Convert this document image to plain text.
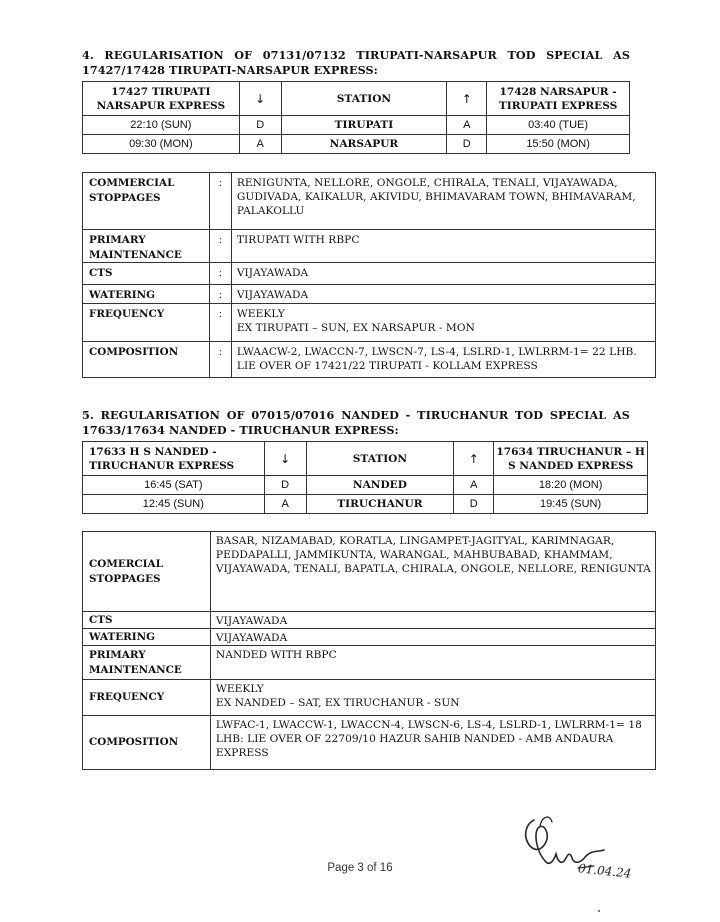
4. REGULARISATION OF 07131/07132 TIRUPATI-NARSAPUR TOD SPECIAL AS 17427/17428 TIRUPATI-NARSAPUR EXPRESS:
17427 TIRUPATI NARSAPUR EXPRESS	↓	STATION	↑	17428 NARSAPUR - TIRUPATI EXPRESS
22:10 (SUN)	D	TIRUPATI	A	03:40 (TUE)
09:30 (MON)	A	NARSAPUR	D	15:50 (MON)
COMMERCIAL STOPPAGES	:	RENIGUNTA, NELLORE, ONGOLE, CHIRALA, TENALI, VIJAYAWADA, GUDIVADA, KAIKALUR, AKIVIDU, BHIMAVARAM TOWN, BHIMAVARAM, PALAKOLLU
PRIMARY MAINTENANCE	:	TIRUPATI WITH RBPC
CTS	:	VIJAYAWADA
WATERING	:	VIJAYAWADA
FREQUENCY	:	WEEKLY
EX TIRUPATI – SUN, EX NARSAPUR - MON
COMPOSITION	:	LWAACW-2, LWACCN-7, LWSCN-7, LS-4, LSLRD-1, LWLRRM-1= 22 LHB. LIE OVER OF 17421/22 TIRUPATI - KOLLAM EXPRESS
5. REGULARISATION OF 07015/07016 NANDED - TIRUCHANUR TOD SPECIAL AS 17633/17634 NANDED - TIRUCHANUR EXPRESS:
17633 H S NANDED - TIRUCHANUR EXPRESS	↓	STATION	↑	17634 TIRUCHANUR – H S NANDED EXPRESS
16:45 (SAT)	D	NANDED	A	18:20 (MON)
12:45 (SUN)	A	TIRUCHANUR	D	19:45 (SUN)
COMERCIAL STOPPAGES	BASAR, NIZAMABAD, KORATLA, LINGAMPET-JAGITYAL, KARIMNAGAR, PEDDAPALLI, JAMMIKUNTA, WARANGAL, MAHBUBABAD, KHAMMAM, VIJAYAWADA, TENALI, BAPATLA, CHIRALA, ONGOLE, NELLORE, RENIGUNTA
CTS	VIJAYAWADA
WATERING	VIJAYAWADA
PRIMARY MAINTENANCE	NANDED WITH RBPC
FREQUENCY	WEEKLY
EX NANDED – SAT, EX TIRUCHANUR - SUN
COMPOSITION	LWFAC-1, LWACCW-1, LWACCN-4, LWSCN-6, LS-4, LSLRD-1, LWLRRM-1= 18 LHB: LIE OVER OF 22709/10 HAZUR SAHIB NANDED - AMB ANDAURA EXPRESS
Page 3 of 16	01.04.24
